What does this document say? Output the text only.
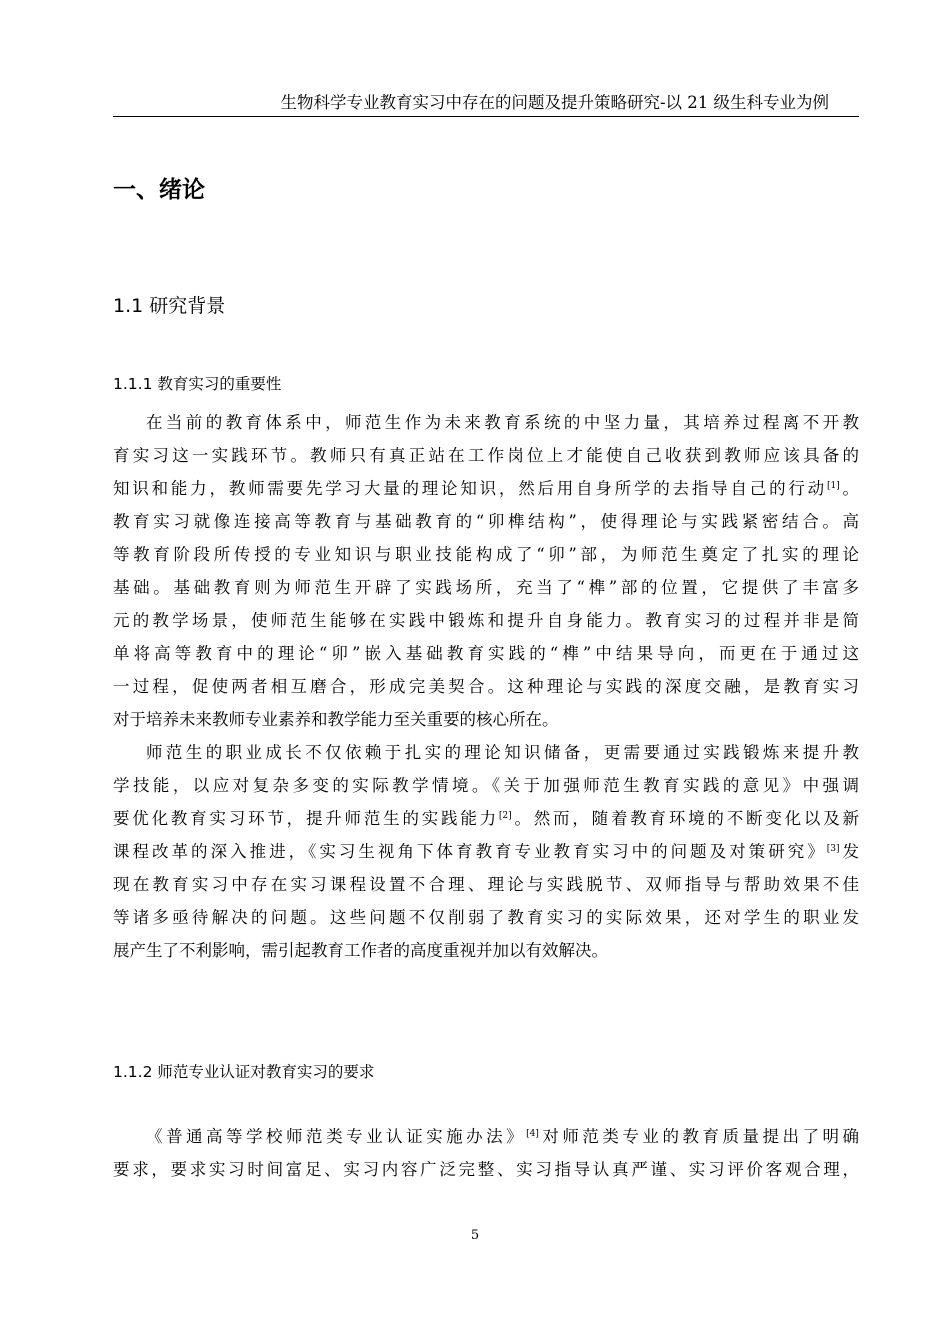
生物科学专业教育实习中存在的问题及提升策略研究-以 21 级生科专业为例
一、绪论
1.1 研究背景
1.1.1 教育实习的重要性
在当前的教育体系中，师范生作为未来教育系统的中坚力量，其培养过程离不开教
育实习这一实践环节。教师只有真正站在工作岗位上才能使自己收获到教师应该具备的
知识和能力，教师需要先学习大量的理论知识，然后用自身所学的去指导自己的行动[1]。
教育实习就像连接高等教育与基础教育的“卯榫结构”，使得理论与实践紧密结合。高
等教育阶段所传授的专业知识与职业技能构成了“卯”部，为师范生奠定了扎实的理论
基础。基础教育则为师范生开辟了实践场所，充当了“榫”部的位置，它提供了丰富多
元的教学场景，使师范生能够在实践中锻炼和提升自身能力。教育实习的过程并非是简
单将高等教育中的理论“卯”嵌入基础教育实践的“榫”中结果导向，而更在于通过这
一过程，促使两者相互磨合，形成完美契合。这种理论与实践的深度交融，是教育实习
对于培养未来教师专业素养和教学能力至关重要的核心所在。
师范生的职业成长不仅依赖于扎实的理论知识储备，更需要通过实践锻炼来提升教
学技能，以应对复杂多变的实际教学情境。《关于加强师范生教育实践的意见》中强调
要优化教育实习环节，提升师范生的实践能力[2]。然而，随着教育环境的不断变化以及新
课程改革的深入推进，《实习生视角下体育教育专业教育实习中的问题及对策研究》[3]发
现在教育实习中存在实习课程设置不合理、理论与实践脱节、双师指导与帮助效果不佳
等诸多亟待解决的问题。这些问题不仅削弱了教育实习的实际效果，还对学生的职业发
展产生了不利影响，需引起教育工作者的高度重视并加以有效解决。
1.1.2 师范专业认证对教育实习的要求
《普通高等学校师范类专业认证实施办法》[4]对师范类专业的教育质量提出了明确
要求，要求实习时间富足、实习内容广泛完整、实习指导认真严谨、实习评价客观合理，
5
